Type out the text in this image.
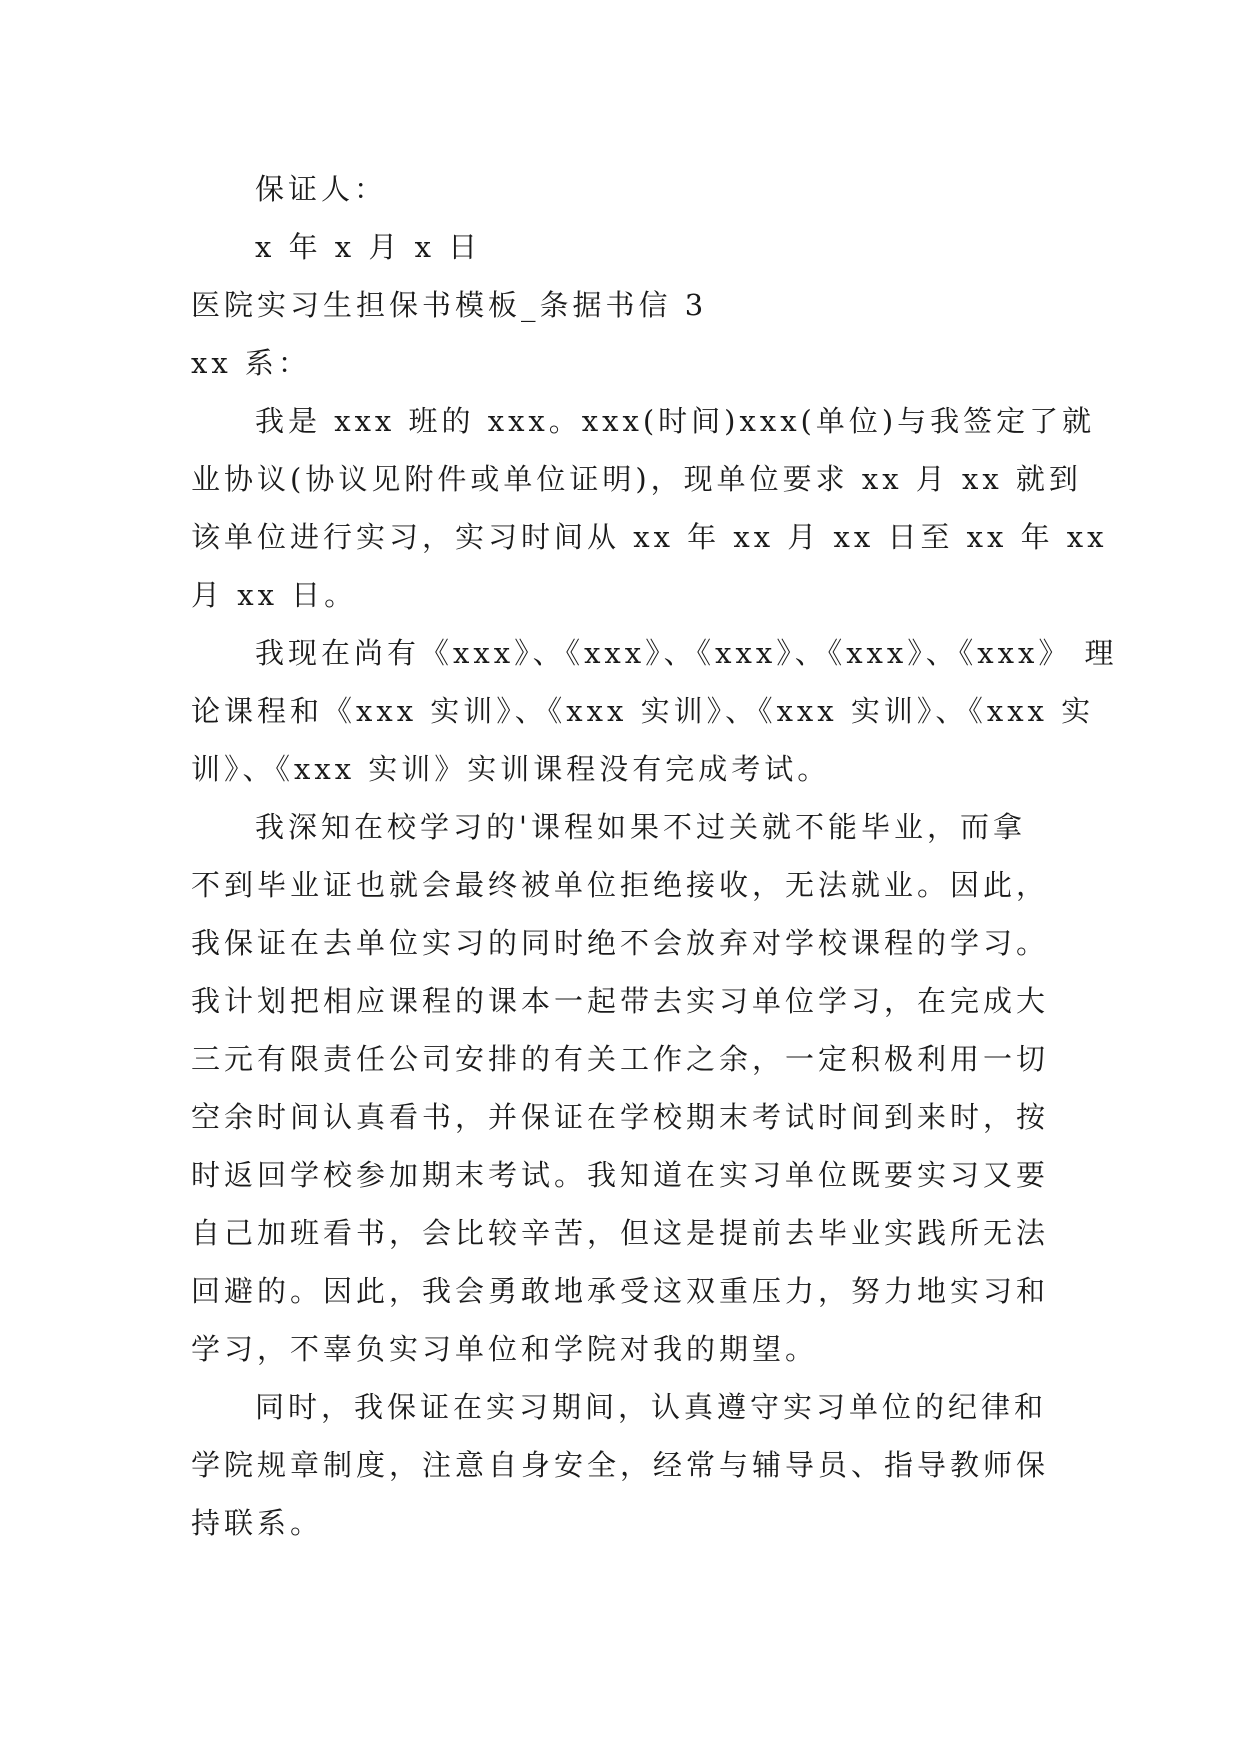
保证人：
x 年 x 月 x 日
医院实习生担保书模板_条据书信 3
xx 系：

我是 xxx 班的 xxx。xxx(时间)xxx(单位)与我签定了就
业协议(协议见附件或单位证明)，现单位要求 xx 月 xx 就到
该单位进行实习，实习时间从 xx 年 xx 月 xx 日至 xx 年 xx
月 xx 日。

我现在尚有《xxx》、《xxx》、《xxx》、《xxx》、《xxx》 理
论课程和《xxx 实训》、《xxx 实训》、《xxx 实训》、《xxx 实
训》、《xxx 实训》实训课程没有完成考试。

我深知在校学习的'课程如果不过关就不能毕业，而拿
不到毕业证也就会最终被单位拒绝接收，无法就业。因此，
我保证在去单位实习的同时绝不会放弃对学校课程的学习。
我计划把相应课程的课本一起带去实习单位学习，在完成大
三元有限责任公司安排的有关工作之余，一定积极利用一切
空余时间认真看书，并保证在学校期末考试时间到来时，按
时返回学校参加期末考试。我知道在实习单位既要实习又要
自己加班看书，会比较辛苦，但这是提前去毕业实践所无法
回避的。因此，我会勇敢地承受这双重压力，努力地实习和
学习，不辜负实习单位和学院对我的期望。

同时，我保证在实习期间，认真遵守实习单位的纪律和
学院规章制度，注意自身安全，经常与辅导员、指导教师保
持联系。
